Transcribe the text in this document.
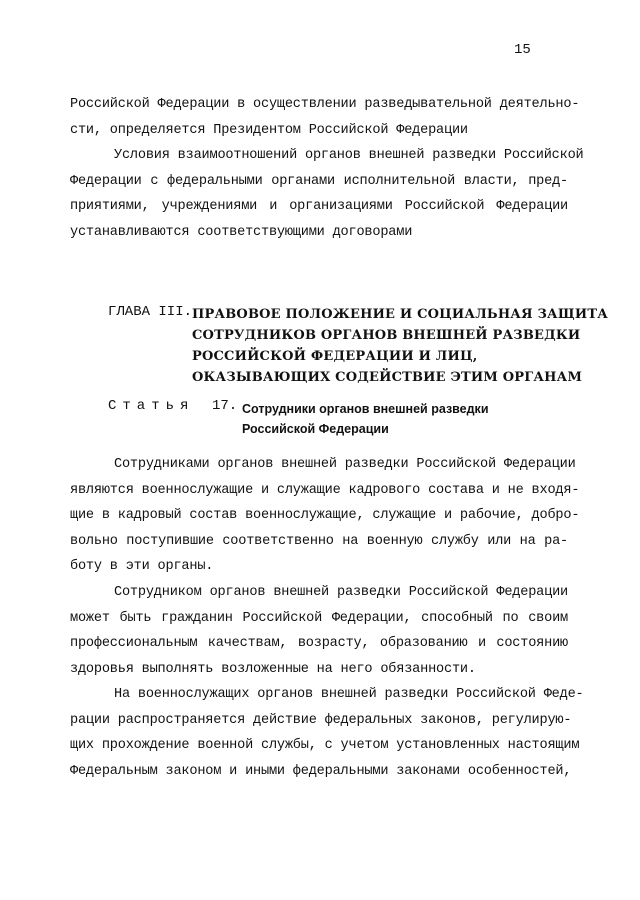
15
Российской Федерации в осуществлении разведывательной деятельно-
сти, определяется Президентом Российской Федерации
Условия взаимоотношений органов внешней разведки Российской
Федерации с федеральными органами исполнительной власти, пред-
приятиями, учреждениями и организациями Российской Федерации
устанавливаются соответствующими договорами
ГЛАВА III. ПРАВОВОЕ ПОЛОЖЕНИЕ И СОЦИАЛЬНАЯ ЗАЩИТА
СОТРУДНИКОВ ОРГАНОВ ВНЕШНЕЙ РАЗВЕДКИ
РОССИЙСКОЙ ФЕДЕРАЦИИ И ЛИЦ,
ОКАЗЫВАЮЩИХ СОДЕЙСТВИЕ ЭТИМ ОРГАНАМ
Статья 17. Сотрудники органов внешней разведки
Российской Федерации
Сотрудниками органов внешней разведки Российской Федерации
являются военнослужащие и служащие кадрового состава и не входя-
щие в кадровый состав военнослужащие, служащие и рабочие, добро-
вольно поступившие соответственно на военную службу или на ра-
боту в эти органы.
Сотрудником органов внешней разведки Российской Федерации
может быть гражданин Российской Федерации, способный по своим
профессиональным качествам, возрасту, образованию и состоянию
здоровья выполнять возложенные на него обязанности.
На военнослужащих органов внешней разведки Российской Феде-
рации распространяется действие федеральных законов, регулирую-
щих прохождение военной службы, с учетом установленных настоящим
Федеральным законом и иными федеральными законами особенностей,
